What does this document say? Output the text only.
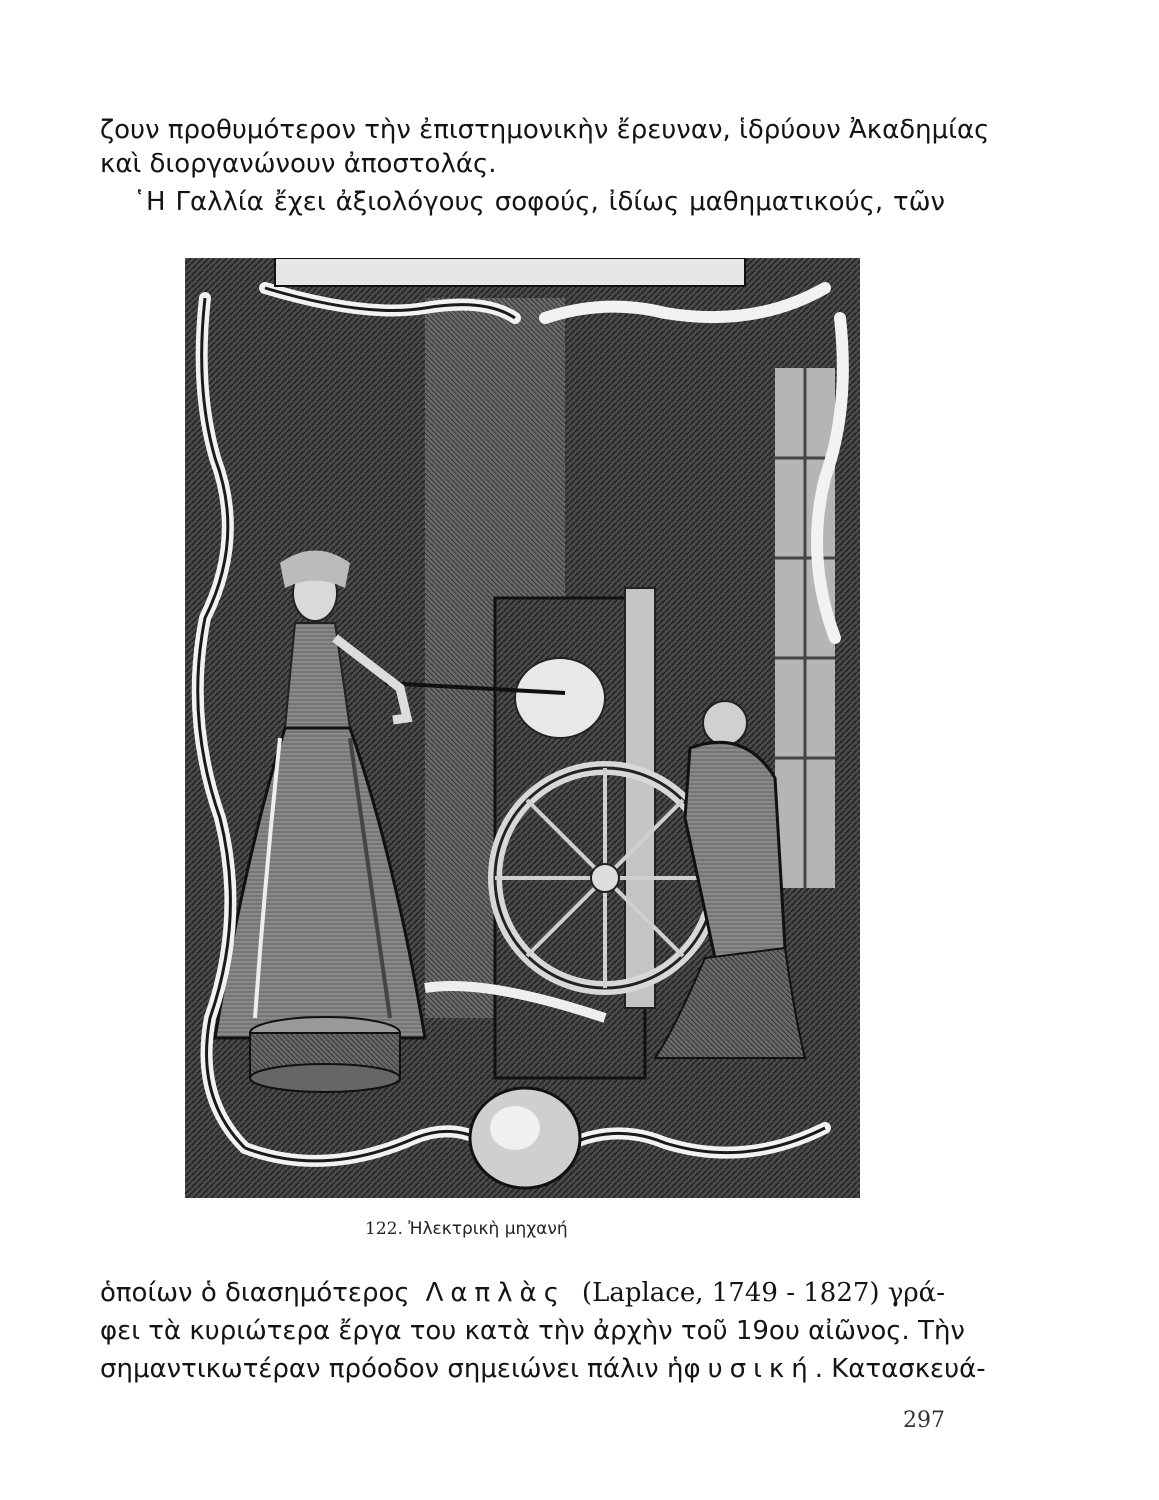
ζουν προθυμότερον τὴν ἐπιστημονικὴν ἔρευναν, ἱδρύουν Ἀκαδημίας
καὶ διοργανώνουν ἀποστολάς.
῾Η Γαλλία ἔχει ἀξιολόγους σοφούς, ἰδίως μαθηματικούς, τῶν
122. Ἠλεκτρικὴ μηχανή
ὁποίων ὁ διασημότερος Λαπλὰς (Laplace, 1749 - 1827) γρά-
φει τὰ κυριώτερα ἔργα του κατὰ τὴν ἀρχὴν τοῦ 19ου αἰῶνος. Τὴν
σημαντικωτέραν πρόοδον σημειώνει πάλιν ἡ φυσική . Κατασκευά-
297
